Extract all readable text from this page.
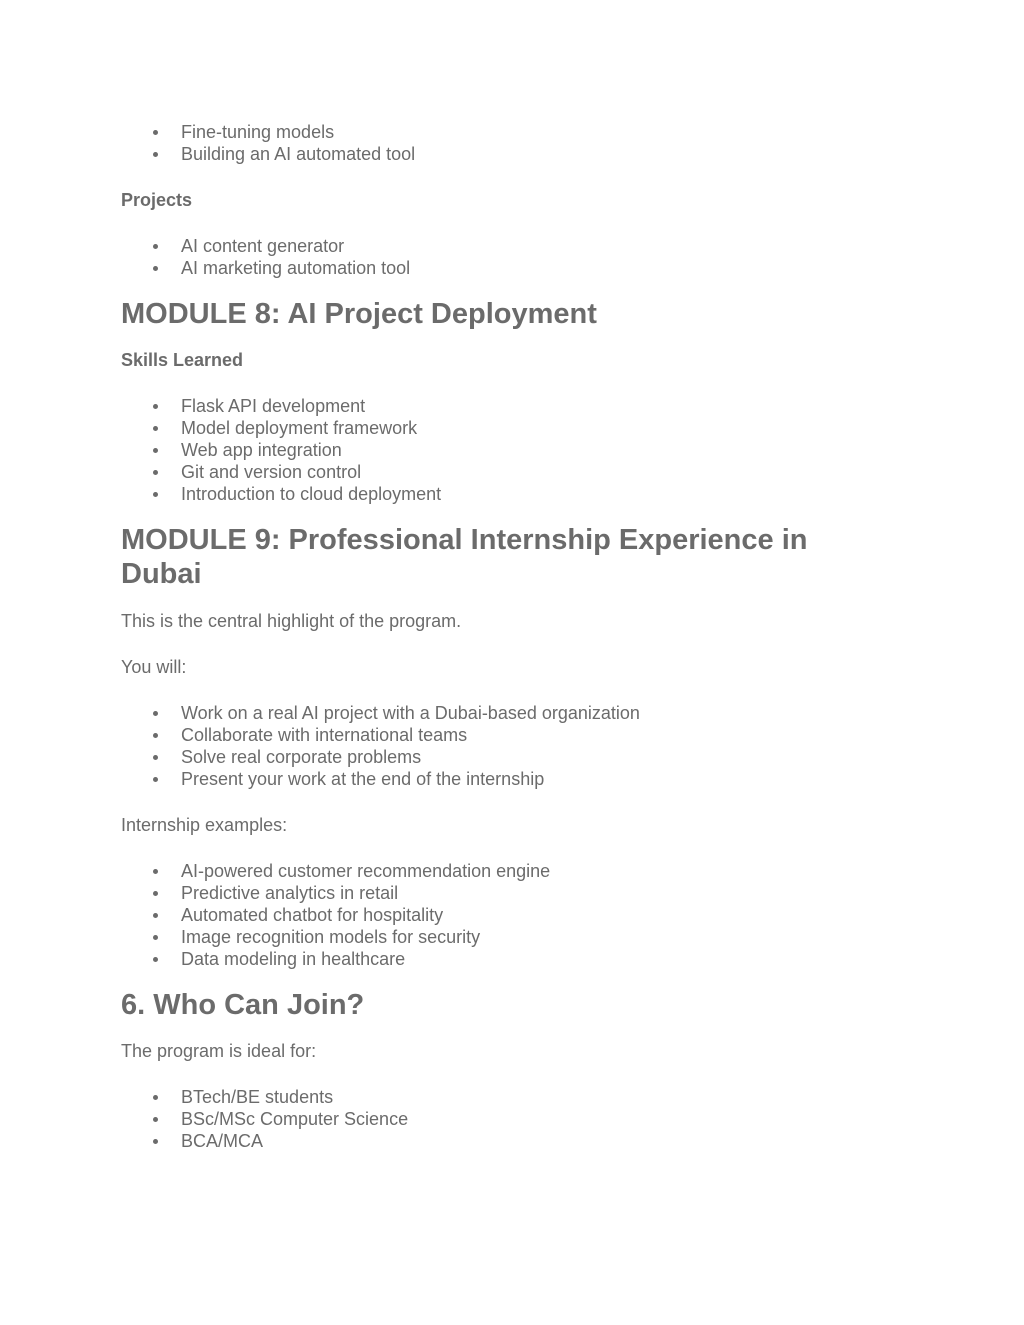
Fine-tuning models
Building an AI automated tool

Projects

AI content generator
AI marketing automation tool
MODULE 8: AI Project Deployment

Skills Learned

Flask API development
Model deployment framework
Web app integration
Git and version control
Introduction to cloud deployment
MODULE 9: Professional Internship Experience in
Dubai

This is the central highlight of the program.

You will:

Work on a real AI project with a Dubai-based organization
Collaborate with international teams
Solve real corporate problems
Present your work at the end of the internship

Internship examples:

AI-powered customer recommendation engine
Predictive analytics in retail
Automated chatbot for hospitality
Image recognition models for security
Data modeling in healthcare
6. Who Can Join?

The program is ideal for:

BTech/BE students
BSc/MSc Computer Science
BCA/MCA
